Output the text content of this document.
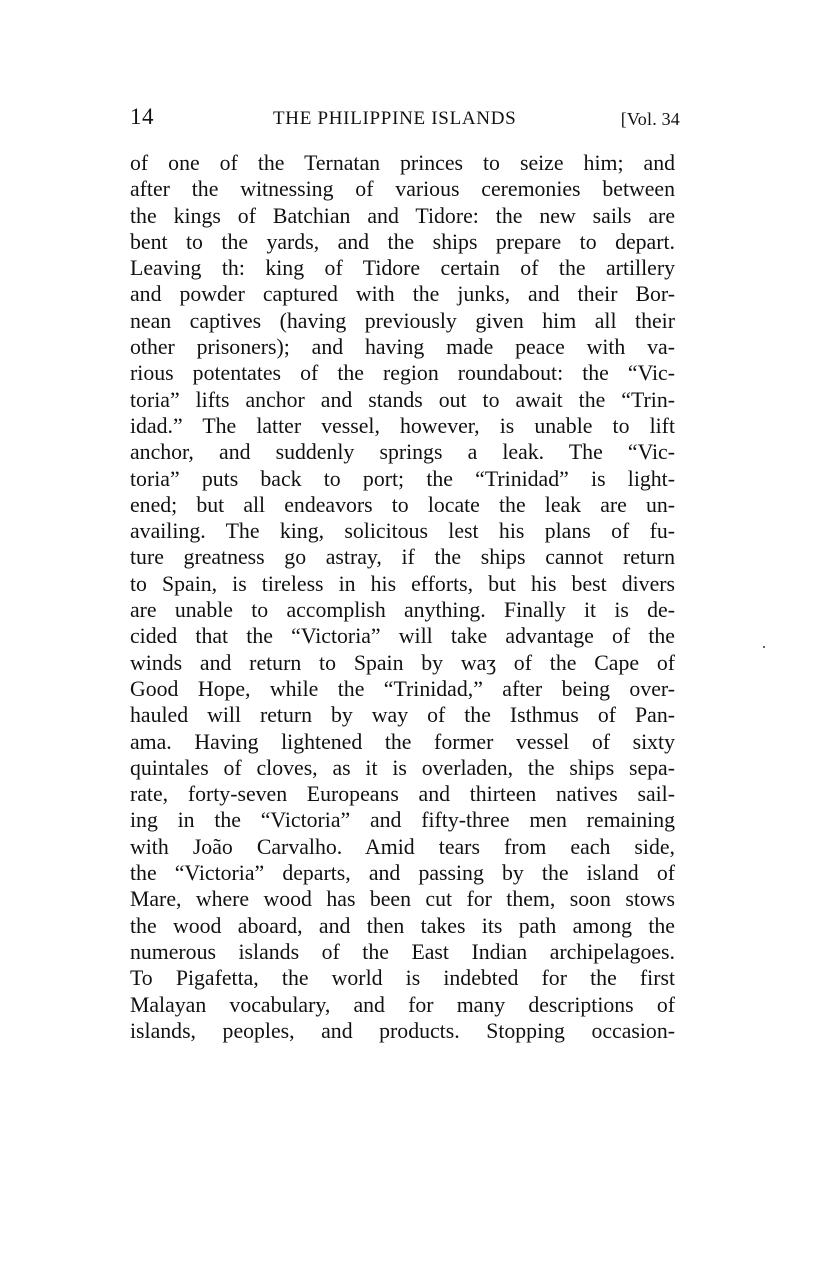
14	THE PHILIPPINE ISLANDS	[Vol. 34
of one of the Ternatan princes to seize him; and
after the witnessing of various ceremonies between
the kings of Batchian and Tidore: the new sails are
bent to the yards, and the ships prepare to depart.
Leaving th: king of Tidore certain of the artillery
and powder captured with the junks, and their Bor-
nean captives (having previously given him all their
other prisoners); and having made peace with va-
rious potentates of the region roundabout: the “Vic-
toria” lifts anchor and stands out to await the “Trin-
idad.” The latter vessel, however, is unable to lift
anchor, and suddenly springs a leak. The “Vic-
toria” puts back to port; the “Trinidad” is light-
ened; but all endeavors to locate the leak are un-
availing. The king, solicitous lest his plans of fu-
ture greatness go astray, if the ships cannot return
to Spain, is tireless in his efforts, but his best divers
are unable to accomplish anything. Finally it is de-
cided that the “Victoria” will take advantage of the
winds and return to Spain by waʒ of the Cape of
Good Hope, while the “Trinidad,” after being over-
hauled will return by way of the Isthmus of Pan-
ama. Having lightened the former vessel of sixty
quintales of cloves, as it is overladen, the ships sepa-
rate, forty-seven Europeans and thirteen natives sail-
ing in the “Victoria” and fifty-three men remaining
with João Carvalho. Amid tears from each side,
the “Victoria” departs, and passing by the island of
Mare, where wood has been cut for them, soon stows
the wood aboard, and then takes its path among the
numerous islands of the East Indian archipelagoes.
To Pigafetta, the world is indebted for the first
Malayan vocabulary, and for many descriptions of
islands, peoples, and products. Stopping occasion-
